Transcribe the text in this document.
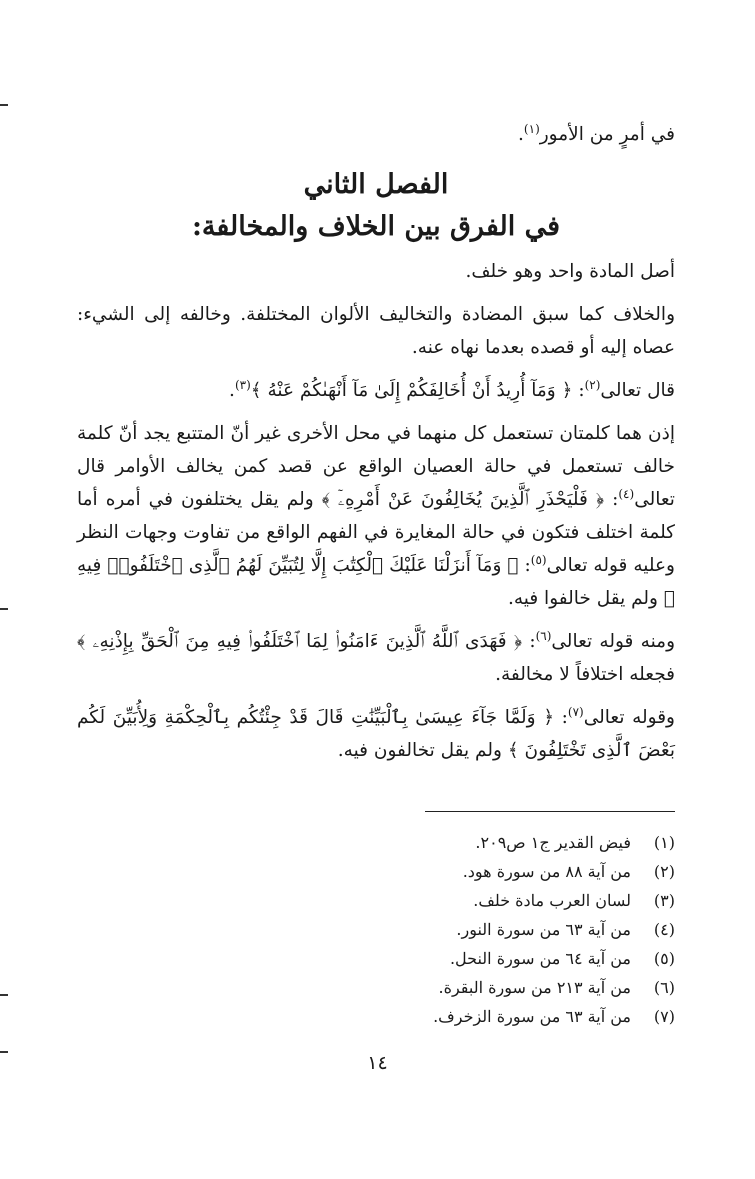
في أمرٍ من الأمور$^{(١)}$.

الفصل الثاني
في الفرق بين الخلاف والمخالفة:

أصل المادة واحد وهو خلف.

والخلاف كما سبق المضادة والتخاليف الألوان المختلفة. وخالفه إلى الشيء: عصاه إليه أو قصده بعدما نهاه عنه.

قال تعالى$^{(٢)}$: ﴿ وَمَآ أُرِيدُ أَنْ أُخَالِفَكُمْ إِلَىٰ مَآ أَنْهَىٰكُمْ عَنْهُ ﴾$^{(٣)}$.

إذن هما كلمتان تستعمل كل منهما في محل الأخرى غير أنّ المتتبع يجد أنّ كلمة خالف تستعمل في حالة العصيان الواقع عن قصد كمن يخالف الأوامر قال تعالى$^{(٤)}$: ﴿ فَلْيَحْذَرِ ٱلَّذِينَ يُخَالِفُونَ عَنْ أَمْرِهِۦٓ ﴾ ولم يقل يختلفون في أمره أما كلمة اختلف فتكون في حالة المغايرة في الفهم الواقع من تفاوت وجهات النظر وعليه قوله تعالى$^{(٥)}$: ﴿ وَمَآ أَنزَلْنَا عَلَيْكَ ٱلْكِتَٰبَ إِلَّا لِتُبَيِّنَ لَهُمُ ٱلَّذِى ٱخْتَلَفُوا۟ فِيهِ ﴾ ولم يقل خالفوا فيه.

ومنه قوله تعالى$^{(٦)}$: ﴿ فَهَدَى ٱللَّهُ ٱلَّذِينَ ءَامَنُوا۟ لِمَا ٱخْتَلَفُوا۟ فِيهِ مِنَ ٱلْحَقِّ بِإِذْنِهِۦ ﴾ فجعله اختلافاً لا مخالفة.

وقوله تعالى$^{(٧)}$: ﴿ وَلَمَّا جَآءَ عِيسَىٰ بِٱلْبَيِّنَٰتِ قَالَ قَدْ جِئْتُكُم بِٱلْحِكْمَةِ وَلِأُبَيِّنَ لَكُم بَعْضَ ٱلَّذِى تَخْتَلِفُونَ ﴾ ولم يقل تخالفون فيه.

(١)
فيض القدير ج١ ص٢٠٩.
(٢)
من آية ٨٨ من سورة هود.
(٣)
لسان العرب مادة خلف.
(٤)
من آية ٦٣ من سورة النور.
(٥)
من آية ٦٤ من سورة النحل.
(٦)
من آية ٢١٣ من سورة البقرة.
(٧)
من آية ٦٣ من سورة الزخرف.
١٤
